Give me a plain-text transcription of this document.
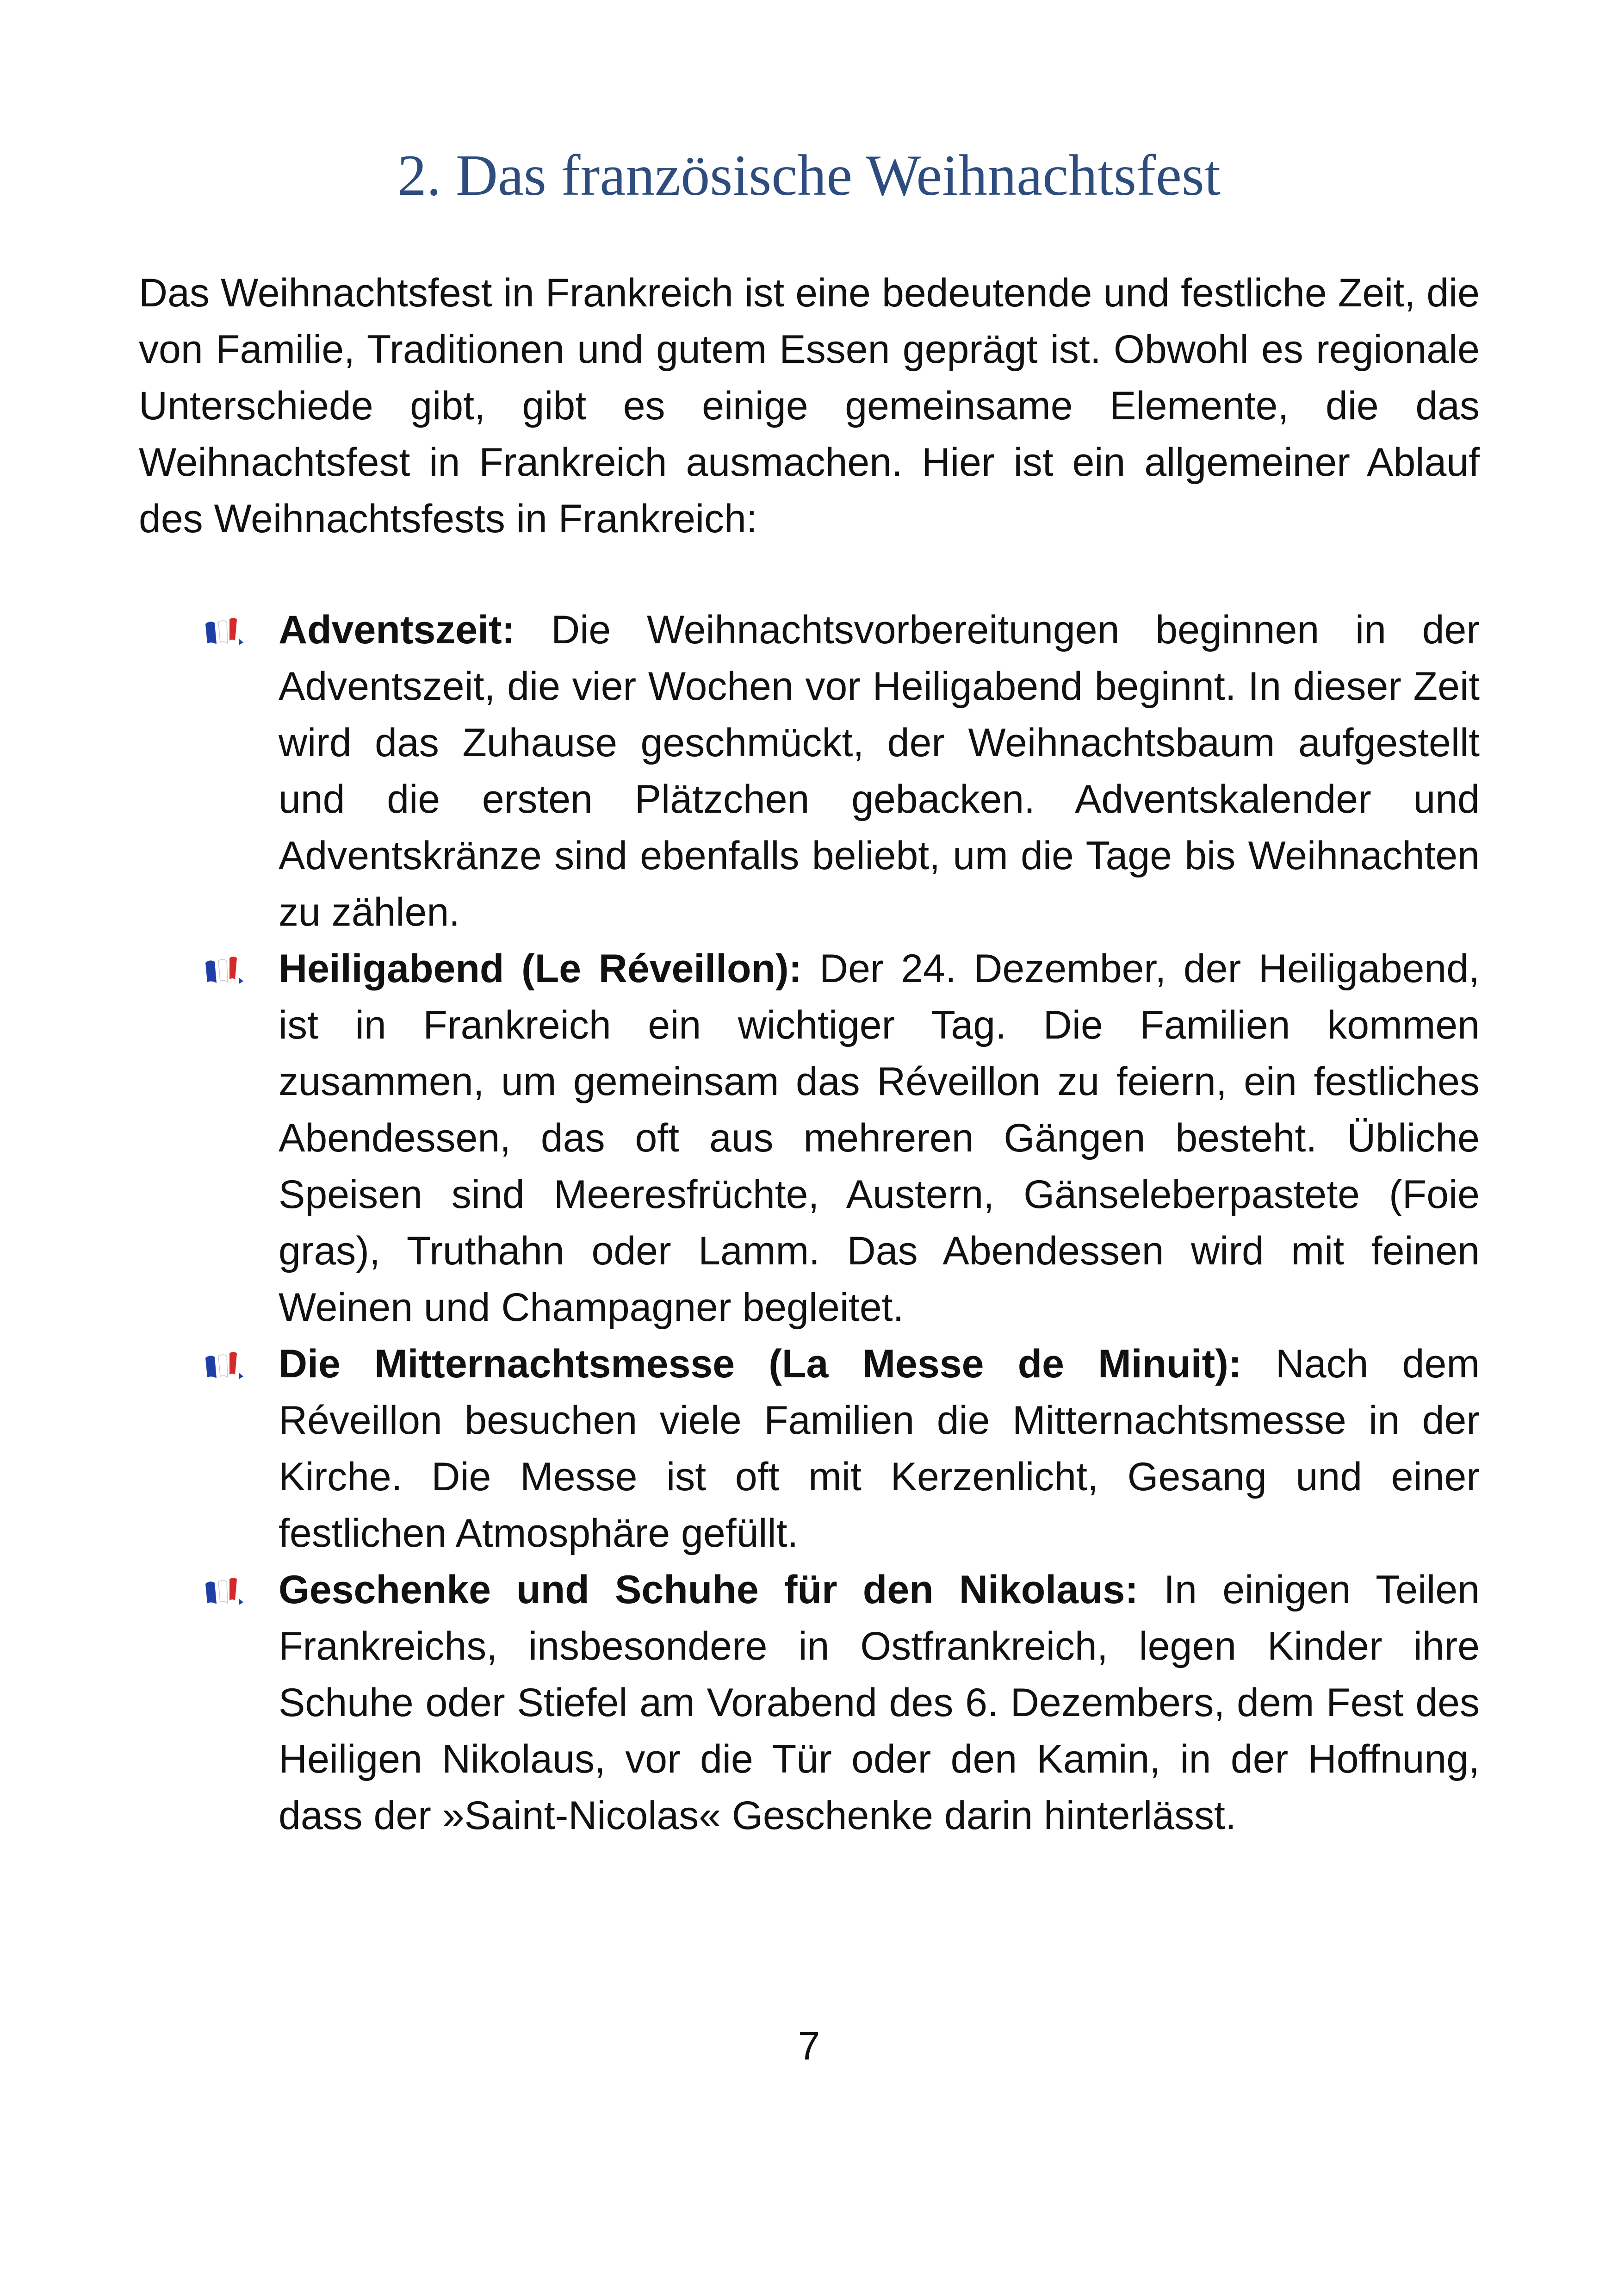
2. Das französische Weihnachtsfest

Das Weihnachtsfest in Frankreich ist eine bedeutende und festliche Zeit, die von Familie, Traditionen und gutem Essen geprägt ist. Obwohl es regionale Unterschiede gibt, gibt es einige gemeinsame Elemente, die das Weihnachtsfest in Frankreich ausmachen. Hier ist ein allgemeiner Ablauf des Weihnachtsfests in Frankreich:

Adventszeit: Die Weihnachtsvorbereitungen beginnen in der Adventszeit, die vier Wochen vor Heiligabend beginnt. In dieser Zeit wird das Zuhause geschmückt, der Weihnachtsbaum aufgestellt und die ersten Plätzchen gebacken. Adventskalender und Adventskränze sind ebenfalls beliebt, um die Tage bis Weihnachten zu zählen.
Heiligabend (Le Réveillon): Der 24. Dezember, der Heiligabend, ist in Frankreich ein wichtiger Tag. Die Familien kommen zusammen, um gemeinsam das Réveillon zu feiern, ein festliches Abendessen, das oft aus mehreren Gängen besteht. Übliche Speisen sind Meeresfrüchte, Austern, Gänseleberpastete (Foie gras), Truthahn oder Lamm. Das Abendessen wird mit feinen Weinen und Champagner begleitet.
Die Mitternachtsmesse (La Messe de Minuit): Nach dem Réveillon besuchen viele Familien die Mitternachtsmesse in der Kirche. Die Messe ist oft mit Kerzenlicht, Gesang und einer festlichen Atmosphäre gefüllt.
Geschenke und Schuhe für den Nikolaus: In einigen Teilen Frankreichs, insbesondere in Ostfrankreich, legen Kinder ihre Schuhe oder Stiefel am Vorabend des 6. Dezembers, dem Fest des Heiligen Nikolaus, vor die Tür oder den Kamin, in der Hoffnung, dass der »Saint-Nicolas« Geschenke darin hinterlässt.
7
